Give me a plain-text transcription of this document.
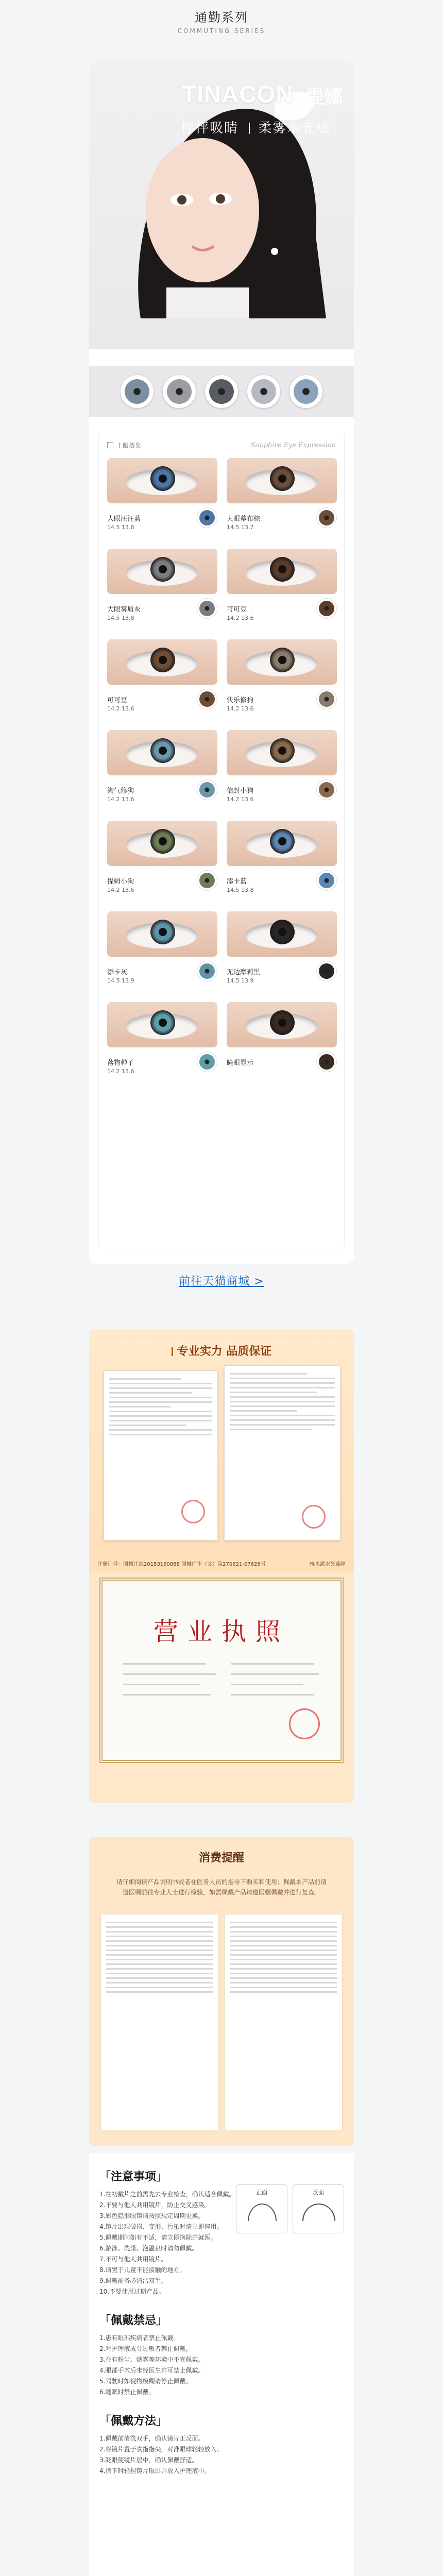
通勤系列
COMMUTING SERIES
TINACON 缇娜
怦怦吸睛 柔雾水光感
上眼效果	Sapphire Eye Expression
大眼汪汪蓝
14.5 13.8
大眼幕布棕
14.5 13.7
大眼雾质灰
14.5 13.8
可可豆
14.2 13.6
可可豆
14.2 13.6
快乐修狗
14.2 13.6
淘气修狗
14.2 13.6
信封小狗
14.2 13.6
提姆小狗
14.2 13.6
添卡蓝
14.5 13.8
添卡灰
14.5 13.9
无边摩莉黑
14.5 13.9
落物种子
14.2 13.6
瞳眼显示
前往天猫商城 >
专业实力 品质保证
注册证号：国械注准20153160888 国械广审（文）第270621-07628号	杭水派水光藤瞳
营业执照
消费提醒
请仔细阅读产品说明书或者在医务人员的指导下购买和使用；佩戴本产品前请遵医嘱前往专业人士进行检验，如需佩戴产品请遵医嘱佩戴并进行复查。
「注意事项」
1.在初戴片之前需先去专业检查，确认适合佩戴。
2.不要与他人共用镜片，防止交叉感染。
3.彩色隐形眼镜请按照规定周期更换。
4.镜片出现破损、变形、污染时请立即停用。
5.佩戴期间如有不适，请立即摘除并就医。
6.游泳、洗澡、泡温泉时请勿佩戴。
7.不可与他人共用镜片。
8.请置于儿童不能接触的地方。
9.佩戴前务必清洁双手。
10.不要使用过期产品。
正面	反面
「佩戴禁忌」
1.患有眼部疾病者禁止佩戴。
2.对护理液成分过敏者禁止佩戴。
3.在有粉尘、烟雾等环境中不宜佩戴。
4.眼部手术后未经医生许可禁止佩戴。
5.驾驶时如视物模糊请停止佩戴。
6.睡眠时禁止佩戴。
「佩戴方法」
1.佩戴前清洗双手，确认镜片正反面。
2.将镜片置于食指指尖，对准眼球轻轻放入。
3.眨眼使镜片居中，确认佩戴舒适。
4.摘下时轻捏镜片取出并放入护理液中。
